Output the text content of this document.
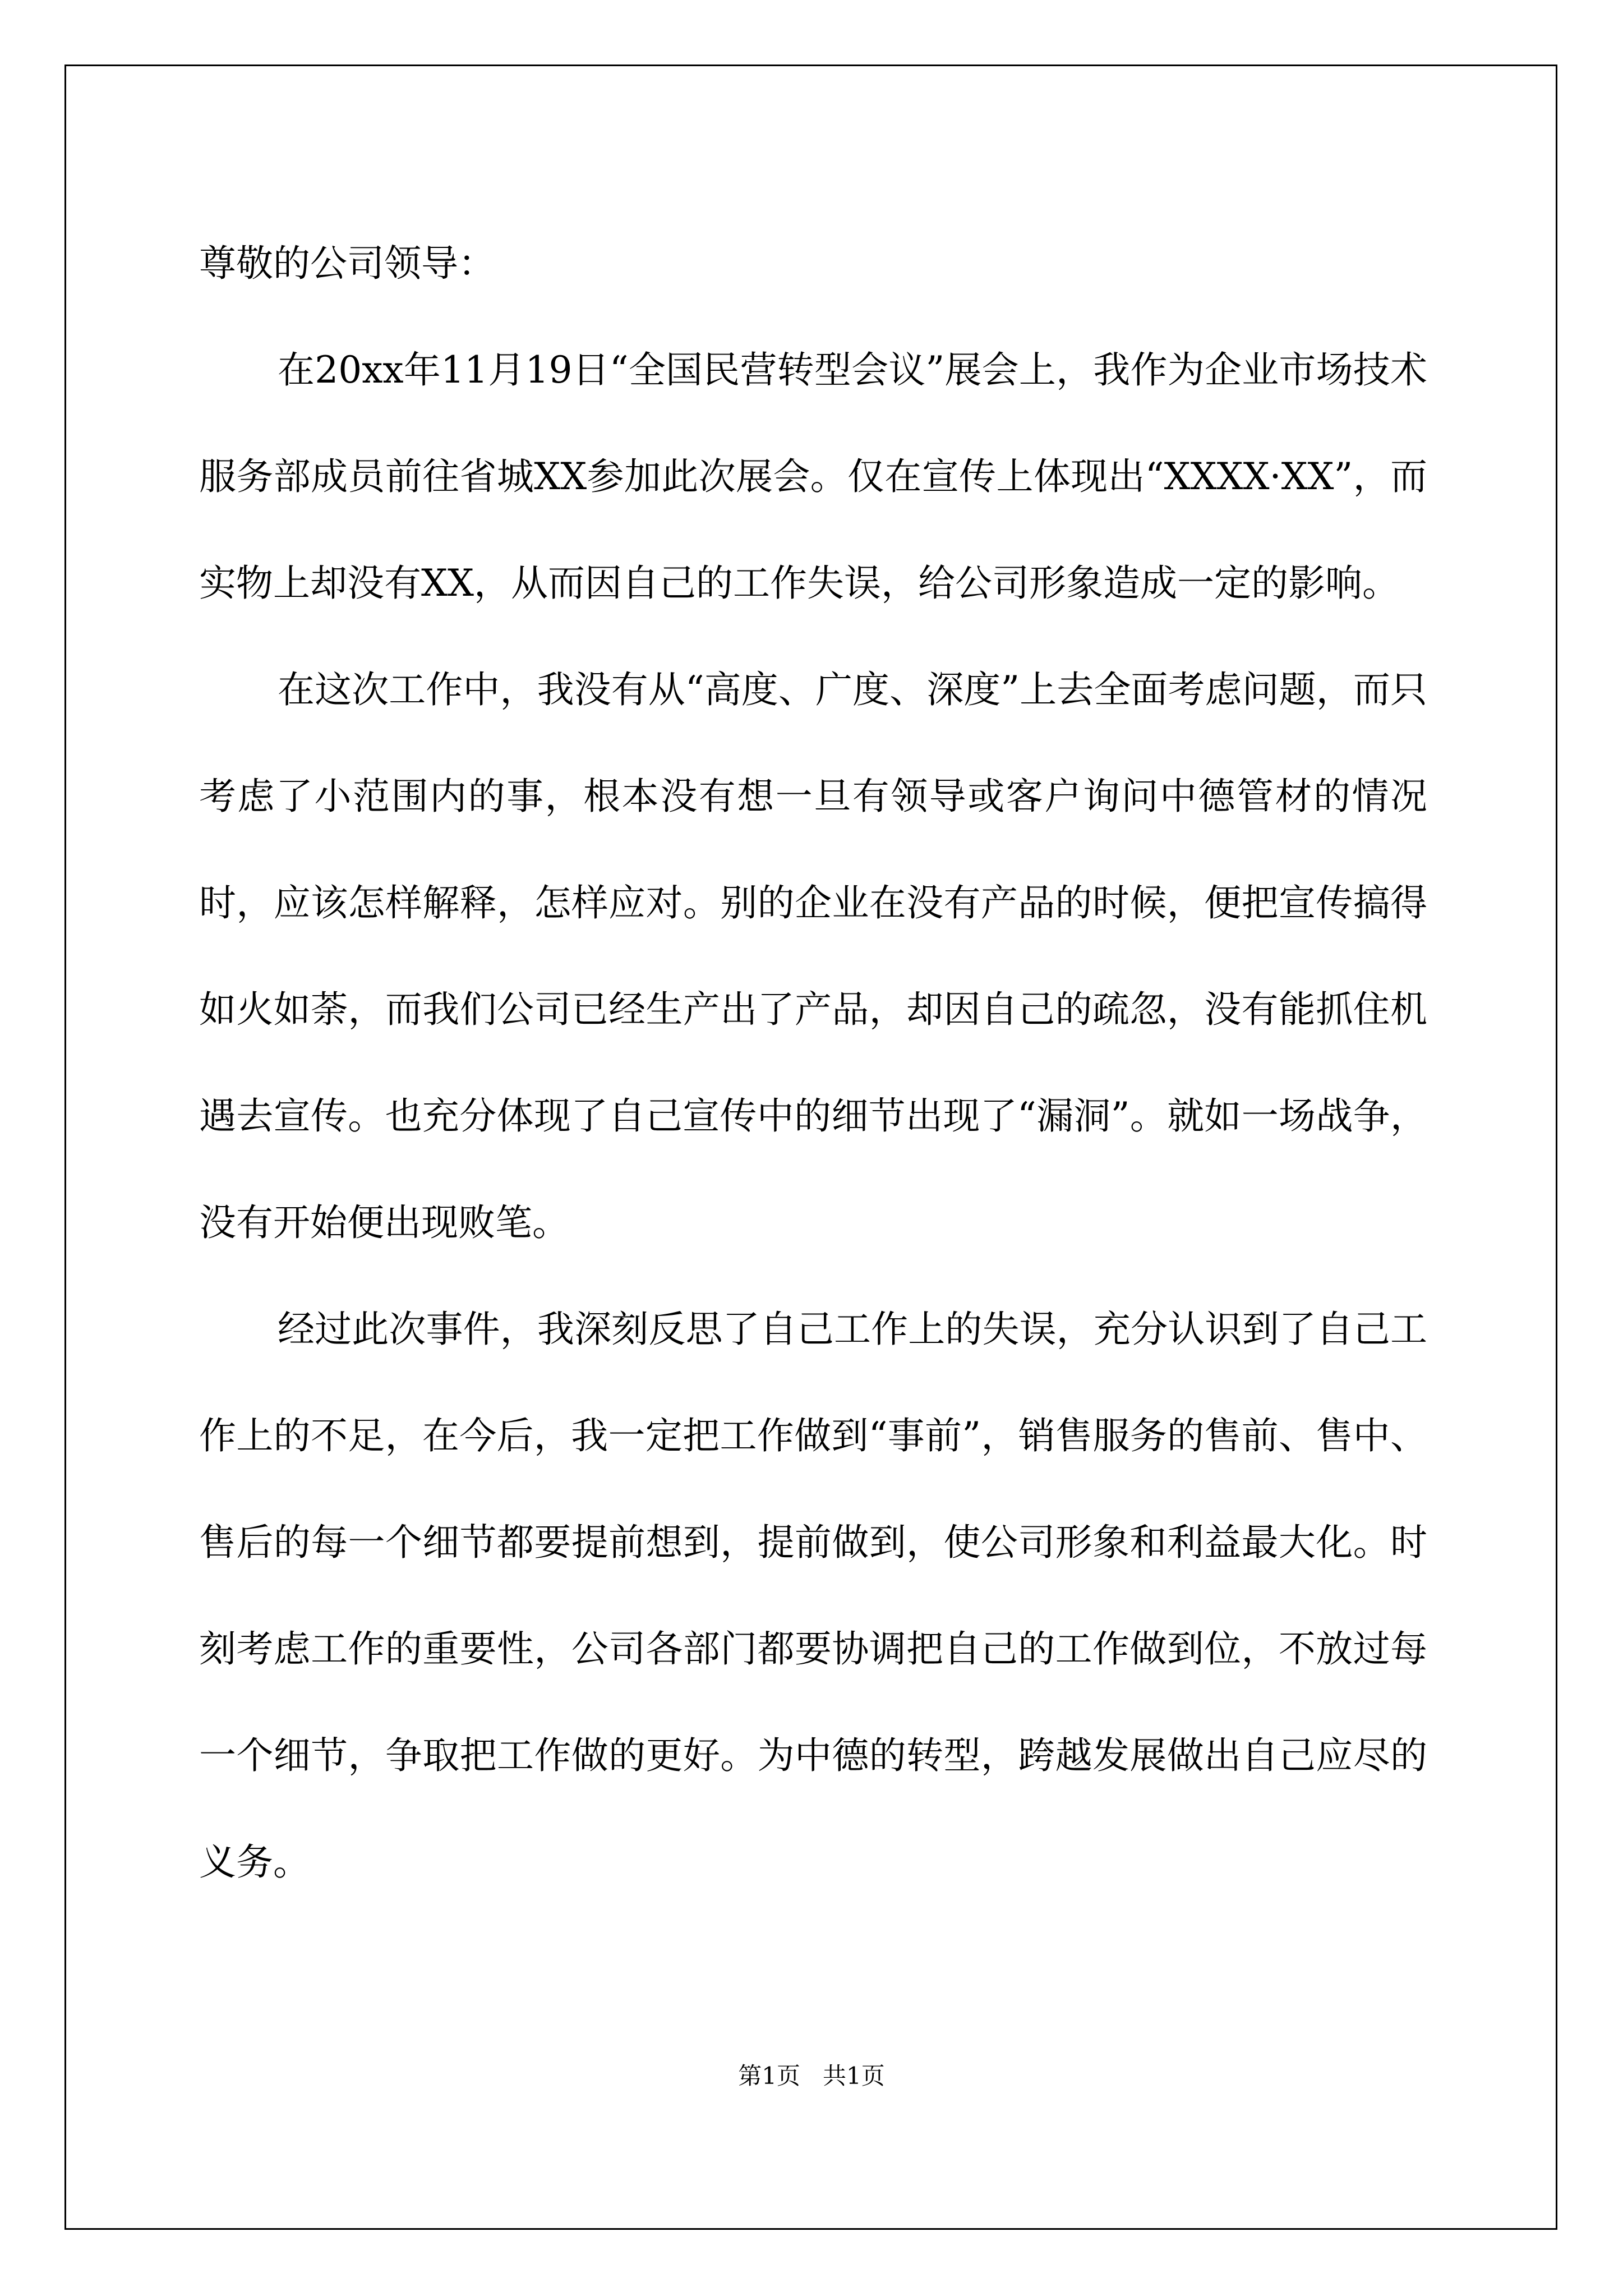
尊敬的公司领导：

在20xx年11月19日“全国民营转型会议”展会上，我作为企业市场技术服务部成员前往省城XX参加此次展会。仅在宣传上体现出“XXXX·XX”，而实物上却没有XX，从而因自己的工作失误，给公司形象造成一定的影响。

在这次工作中，我没有从“高度、广度、深度”上去全面考虑问题，而只考虑了小范围内的事，根本没有想一旦有领导或客户询问中德管材的情况时，应该怎样解释，怎样应对。别的企业在没有产品的时候，便把宣传搞得如火如荼，而我们公司已经生产出了产品，却因自己的疏忽，没有能抓住机遇去宣传。也充分体现了自己宣传中的细节出现了“漏洞”。就如一场战争，没有开始便出现败笔。

经过此次事件，我深刻反思了自己工作上的失误，充分认识到了自己工作上的不足，在今后，我一定把工作做到“事前”，销售服务的售前、售中、售后的每一个细节都要提前想到，提前做到，使公司形象和利益最大化。时刻考虑工作的重要性，公司各部门都要协调把自己的工作做到位，不放过每一个细节，争取把工作做的更好。为中德的转型，跨越发展做出自己应尽的义务。

第1页   共1页
